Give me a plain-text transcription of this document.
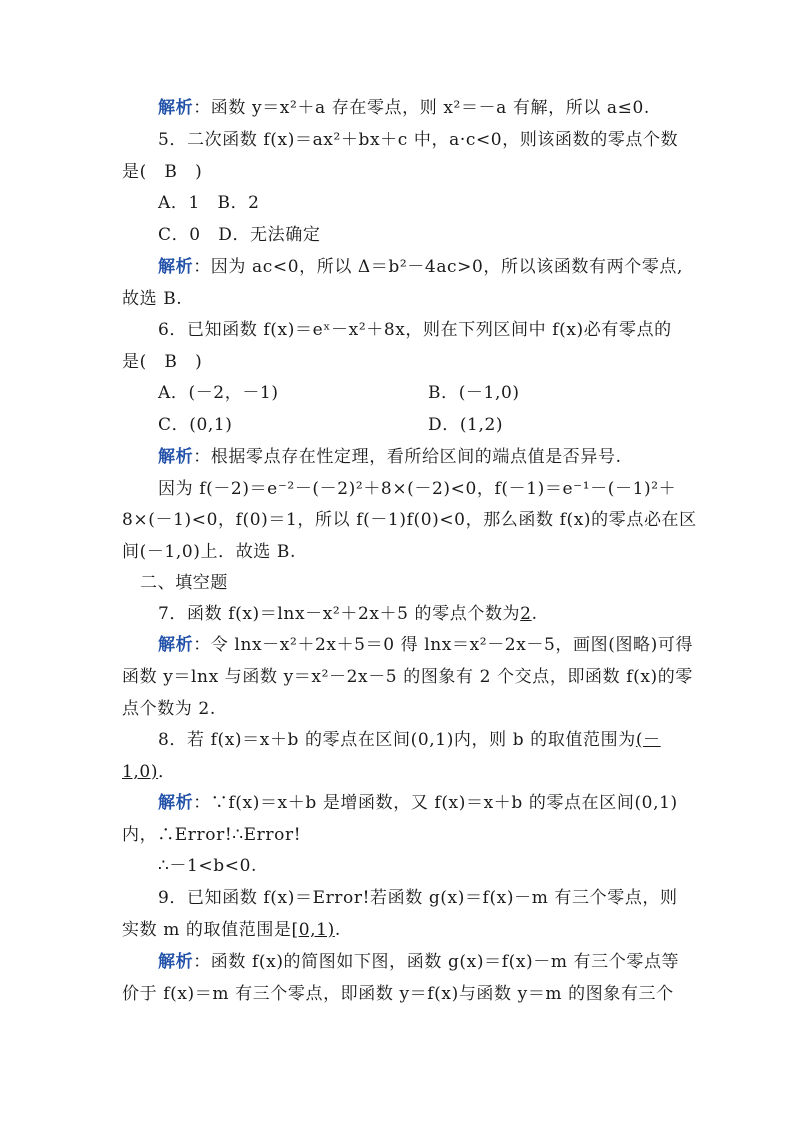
解析：函数 y＝x²＋a 存在零点，则 x²＝－a 有解，所以 a≤0.
5．二次函数 f(x)＝ax²＋bx＋c 中，a·c<0，则该函数的零点个数
是(　B　)
A．1　B．2
C．0　D．无法确定
解析：因为 ac<0，所以 Δ＝b²－4ac>0，所以该函数有两个零点,
故选 B.
6．已知函数 f(x)＝eˣ－x²＋8x，则在下列区间中 f(x)必有零点的
是(　B　)
A．(－2，－1)	B．(－1,0)
C．(0,1)	D．(1,2)
解析：根据零点存在性定理，看所给区间的端点值是否异号.
因为 f(－2)＝e⁻²－(－2)²＋8×(－2)<0，f(－1)＝e⁻¹－(－1)²＋
8×(－1)<0，f(0)＝1，所以 f(－1)f(0)<0，那么函数 f(x)的零点必在区
间(－1,0)上．故选 B.
二、填空题
7．函数 f(x)＝lnx－x²＋2x＋5 的零点个数为2.
解析：令 lnx－x²＋2x＋5＝0 得 lnx＝x²－2x－5，画图(图略)可得
函数 y＝lnx 与函数 y＝x²－2x－5 的图象有 2 个交点，即函数 f(x)的零
点个数为 2.
8．若 f(x)＝x＋b 的零点在区间(0,1)内，则 b 的取值范围为(－
1,0)．
解析：∵f(x)＝x＋b 是增函数，又 f(x)＝x＋b 的零点在区间(0,1)
内，∴Error!∴Error!
∴－1<b<0.
9．已知函数 f(x)＝Error!若函数 g(x)＝f(x)－m 有三个零点，则
实数 m 的取值范围是[0,1).
解析：函数 f(x)的简图如下图，函数 g(x)＝f(x)－m 有三个零点等
价于 f(x)＝m 有三个零点，即函数 y＝f(x)与函数 y＝m 的图象有三个
